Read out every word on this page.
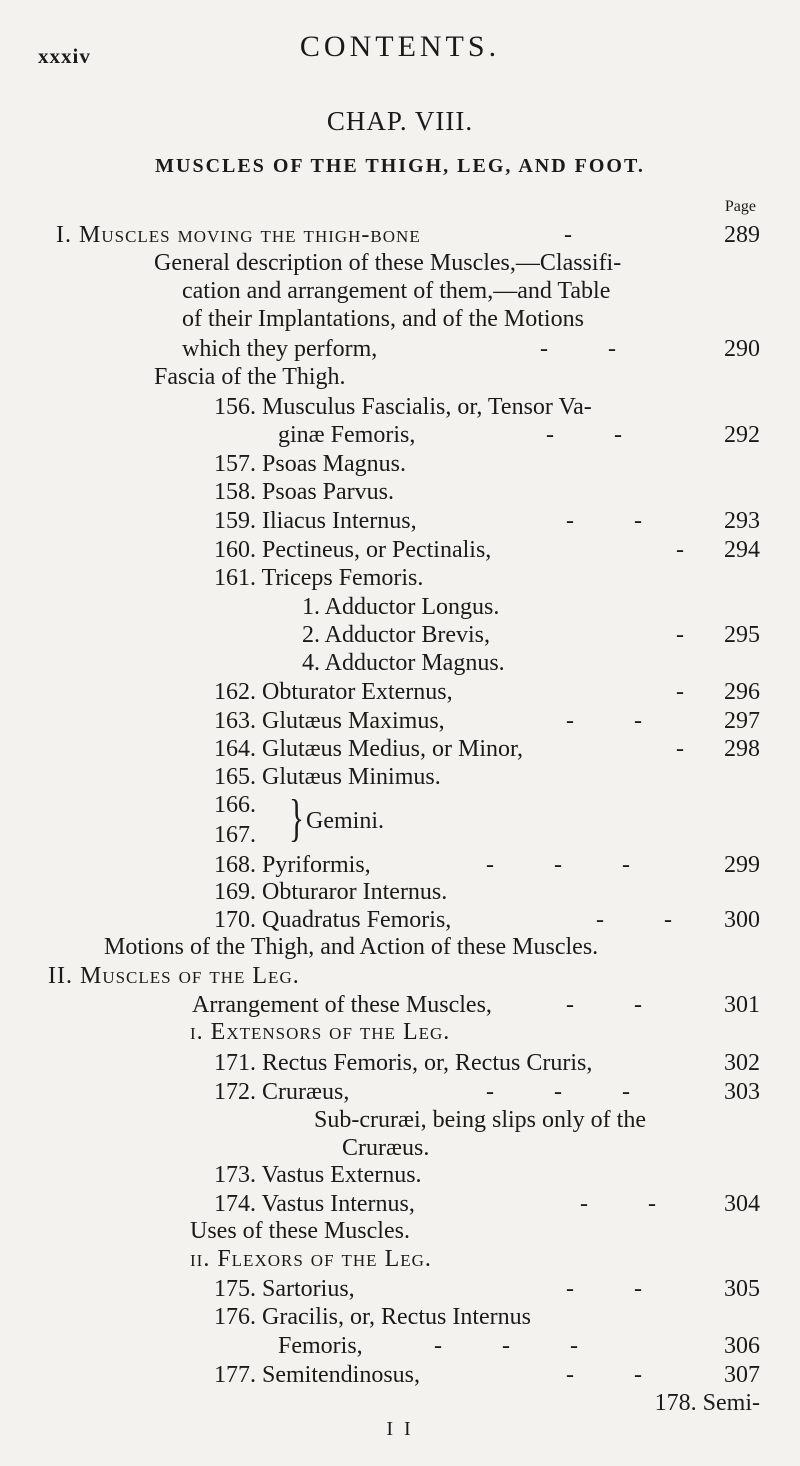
xxxiv	CONTENTS.
CHAP. VIII.
MUSCLES OF THE THIGH, LEG, AND FOOT.
Page
I. Muscles moving the thigh-bone	-	289
General description of these Muscles,—Classifi-
cation and arrangement of them,—and Table
of their Implantations, and of the Motions
which they perform,	-          -	290
Fascia of the Thigh.
156. Musculus Fascialis, or, Tensor Va-
ginæ Femoris,	-          -	292
157. Psoas Magnus.
158. Psoas Parvus.
159. Iliacus Internus,	-          -	293
160. Pectineus, or Pectinalis,	- 294
161. Triceps Femoris.
1. Adductor Longus.
2. Adductor Brevis,	- 295
4. Adductor Magnus.
162. Obturator Externus,	- 296
163. Glutæus Maximus,	-          -	297
164. Glutæus Medius, or Minor,	- 298
165. Glutæus Minimus.
166. } Gemini.
167.
168. Pyriformis,	-          -          -	299
169. Obturaror Internus.
170. Quadratus Femoris,	-          - 300
Motions of the Thigh, and Action of these Muscles.
II. Muscles of the Leg.
Arrangement of these Muscles,	-          -	301
i. Extensors of the Leg.
171. Rectus Femoris, or, Rectus Cruris,	302
172. Cruræus,	-          -          -	303
Sub-cruræi, being slips only of the
Cruræus.
173. Vastus Externus.
174. Vastus Internus,	-          -	304
Uses of these Muscles.
ii. Flexors of the Leg.
175. Sartorius,	-          -	305
176. Gracilis, or, Rectus Internus
Femoris,	-          -          -	306
177. Semitendinosus,	-          -	307
178. Semi-
I I
